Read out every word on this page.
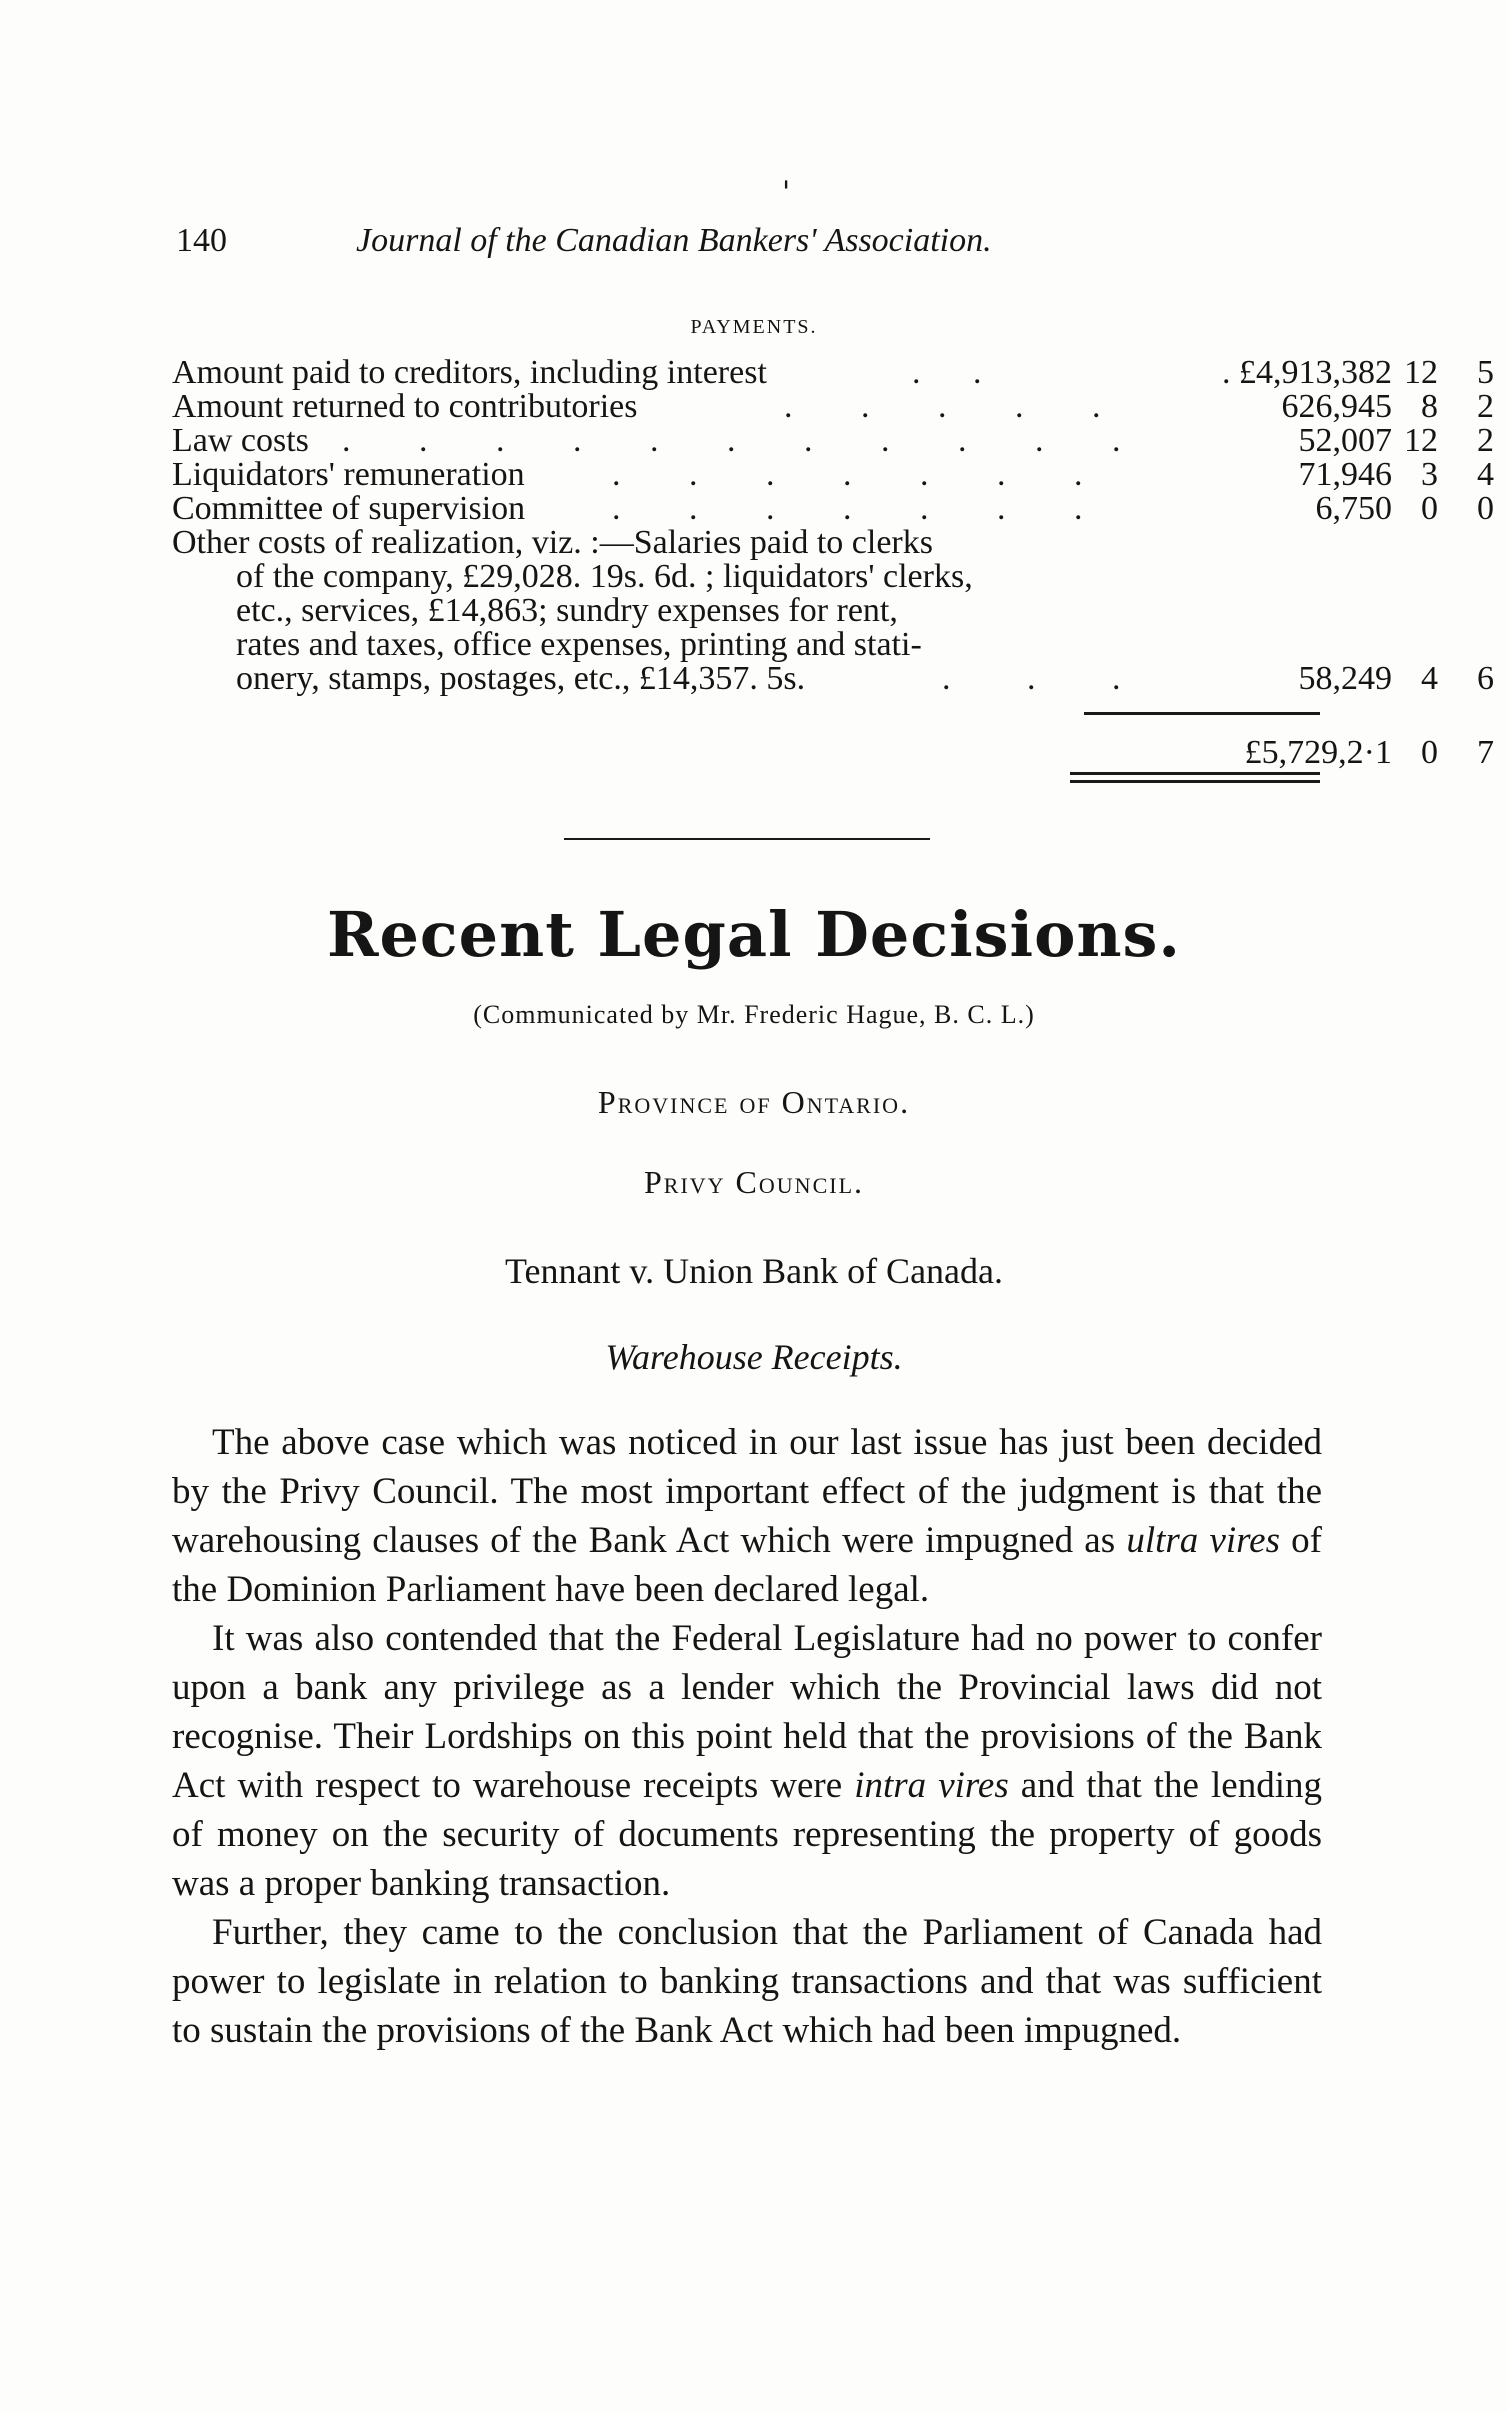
'
140	Journal of the Canadian Bankers' Association.
PAYMENTS.
Amount paid to creditors, including interest	. .	. £4,913,382 12	5
Amount returned to contributories	. . . . .	626,945 8	2
Law costs . . . . . . . . . . .	52,007 12	2
Liquidators' remuneration	. . . . . . .	71,946 3	4
Committee of supervision	. . . . . . .	6,750 0	0
Other costs of realization, viz. :—Salaries paid to clerks
of the company, £29,028. 19s. 6d. ; liquidators' clerks,
etc., services, £14,863; sundry expenses for rent,
rates and taxes, office expenses, printing and stati-
onery, stamps, postages, etc., £14,357. 5s.	. . .	58,249 4	6
£5,729,2·1 0	7
Recent Legal Decisions.
(Communicated by Mr. Frederic Hague, B. C. L.)
Province of Ontario.
Privy Council.
Tennant v. Union Bank of Canada.
Warehouse Receipts.

The above case which was noticed in our last issue has just been decided by the Privy Council. The most important effect of the judgment is that the warehousing clauses of the Bank Act which were impugned as ultra vires of the Dominion Parliament have been declared legal.

It was also contended that the Federal Legislature had no power to confer upon a bank any privilege as a lender which the Provincial laws did not recognise. Their Lordships on this point held that the provisions of the Bank Act with respect to warehouse receipts were intra vires and that the lending of money on the security of documents representing the property of goods was a proper banking transaction.

Further, they came to the conclusion that the Parliament of Canada had power to legislate in relation to banking transactions and that was sufficient to sustain the provisions of the Bank Act which had been impugned.
